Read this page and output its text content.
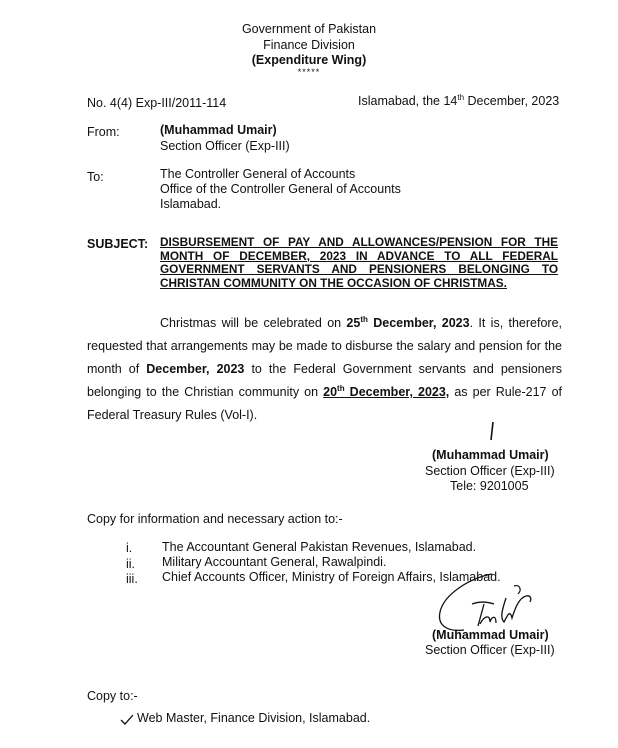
Government of Pakistan
Finance Division
(Expenditure Wing)
*****
No. 4(4) Exp-III/2011-114	Islamabad, the 14th December, 2023
From:	(Muhammad Umair)
Section Officer (Exp-III)
To:	The Controller General of Accounts
Office of the Controller General of Accounts
Islamabad.
SUBJECT: DISBURSEMENT OF PAY AND ALLOWANCES/PENSION FOR THE
MONTH OF DECEMBER, 2023 IN ADVANCE TO ALL FEDERAL
GOVERNMENT SERVANTS AND PENSIONERS BELONGING TO
CHRISTAN COMMUNITY ON THE OCCASION OF CHRISTMAS.
Christmas will be celebrated on 25th December, 2023. It is, therefore,
requested that arrangements may be made to disburse the salary and pension for the
month of December, 2023 to the Federal Government servants and pensioners
belonging to the Christian community on 20th December, 2023, as per Rule-217 of
Federal Treasury Rules (Vol-I).
(Muhammad Umair)
Section Officer (Exp-III)
Tele: 9201005
Copy for information and necessary action to:-
i. The Accountant General Pakistan Revenues, Islamabad.
ii. Military Accountant General, Rawalpindi.
iii. Chief Accounts Officer, Ministry of Foreign Affairs, Islamabad.
(Muhammad Umair)
Section Officer (Exp-III)
Copy to:-
Web Master, Finance Division, Islamabad.
